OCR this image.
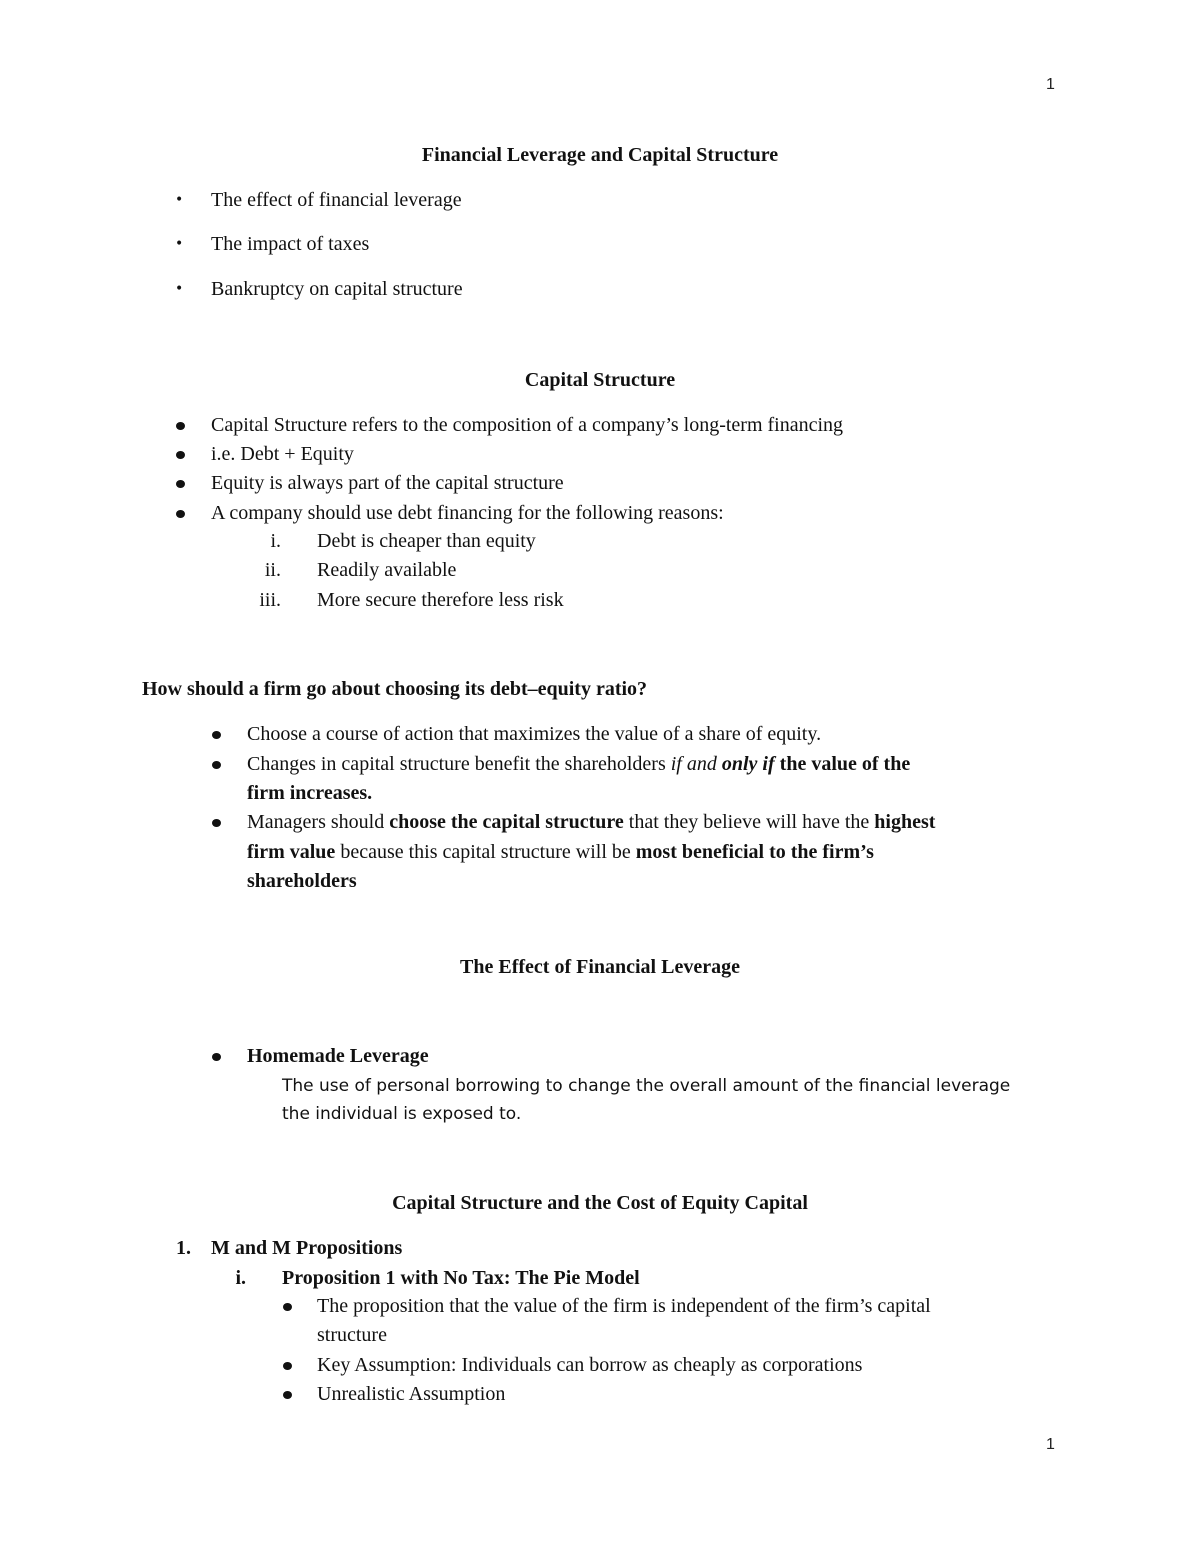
1
Financial Leverage and Capital Structure
• The effect of financial leverage
• The impact of taxes
• Bankruptcy on capital structure
Capital Structure
Capital Structure refers to the composition of a company’s long-term financing
i.e. Debt + Equity
Equity is always part of the capital structure
A company should use debt financing for the following reasons:
i. Debt is cheaper than equity
ii. Readily available
iii. More secure therefore less risk
How should a firm go about choosing its debt–equity ratio?
Choose a course of action that maximizes the value of a share of equity.
Changes in capital structure benefit the shareholders if and only if the value of the
firm increases.
Managers should choose the capital structure that they believe will have the highest
firm value because this capital structure will be most beneficial to the firm’s
shareholders
The Effect of Financial Leverage
Homemade Leverage
The use of personal borrowing to change the overall amount of the financial leverage
the individual is exposed to.
Capital Structure and the Cost of Equity Capital
1. M and M Propositions
i. Proposition 1 with No Tax: The Pie Model
The proposition that the value of the firm is independent of the firm’s capital
structure
Key Assumption: Individuals can borrow as cheaply as corporations
Unrealistic Assumption
1
